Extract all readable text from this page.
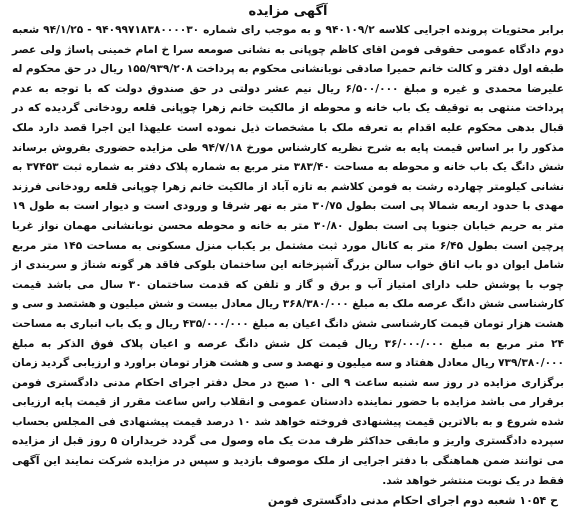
آگهی مزایده

برابر محتویات پرونده اجرایی کلاسه ۹۴۰۱۰۹/۲ و به موجب رای شماره ۹۴۰۹۹۷۱۸۳۸۰۰۰۰۳۰ - ۹۴/۱/۲۵ شعبه دوم دادگاه عمومی حقوقی فومن اقای کاظم چوپانی به نشانی صومعه سرا خ امام خمینی پاساژ ولی عصر طبقه اول دفتر و کالت خانم حمیرا صادقی نوبانشانی محکوم به پرداخت ۱۵۵/۹۳۹/۲۰۸ ریال در حق محکوم له علیرضا محمدی و غیره و مبلغ ۶/۵۰۰/۰۰۰ ریال نیم عشر دولتی در حق صندوق دولت که با توجه به عدم پرداخت منتهی به توقیف یک باب خانه و محوطه از مالکیت خانم زهرا چوپانی قلعه رودخانی گردیده که در قبال بدهی محکوم علیه اقدام به تعرفه ملک با مشخصات ذیل نموده است علیهذا این اجرا قصد دارد ملک مذکور را بر اساس قیمت پایه به شرح نظریه کارشناس مورخ ۹۴/۷/۱۸ طی مزایده حضوری بفروش برساند شش دانگ یک باب خانه و محوطه به مساحت ۳۸۳/۴۰ متر مربع به شماره پلاک دفتر به شماره ثبت ۳۷۴۵۳ به نشانی کیلومتر چهارده رشت به فومن کلاشم به تازه آباد از مالکیت خانم زهرا چوپانی قلعه رودخانی فرزند مهدی با حدود اربعه شمالا پی است بطول ۳۰/۷۵ متر به نهر شرقا و ورودی است و دیوار است به طول ۱۹ متر به حریم خیابان جنوبا پی است بطول ۳۰/۸۰ متر به خانه و محوطه محسن نوبانشانی مهمان نواز غربا پرچین است بطول ۶/۴۵ متر به کانال مورد ثبت مشتمل بر یکباب منزل مسکونی به مساحت ۱۴۵ متر مربع شامل ایوان دو باب اتاق خواب سالن بزرگ آشپزخانه این ساختمان بلوکی فاقد هر گونه شناژ و سربندی از چوب با پوشش حلب دارای امتیاز آب و برق و گاز و تلفن که قدمت ساختمان ۳۰ سال می باشد قیمت کارشناسی شش دانگ عرصه ملک به مبلغ ۳۶۸/۳۸۰/۰۰۰ ریال معادل بیست و شش میلیون و هشتصد و سی و هشت هزار تومان قیمت کارشناسی شش دانگ اعیان به مبلغ ۴۳۵/۰۰۰/۰۰۰ ریال و یک باب انباری به مساحت ۲۴ متر مربع به مبلغ ۳۶/۰۰۰/۰۰۰ ریال قیمت کل شش دانگ عرصه و اعیان پلاک فوق الذکر به مبلغ ۷۳۹/۳۸۰/۰۰۰ ریال معادل هفتاد و سه میلیون و نهصد و سی و هشت هزار تومان براورد و ارزیابی گردید زمان برگزاری مزایده در روز سه شنبه ساعت ۹ الی ۱۰ صبح در محل دفتر اجرای احکام مدنی دادگستری فومن برقرار می باشد مزایده با حضور نماینده دادستان عمومی و انقلاب راس ساعت مقرر از قیمت پایه ارزیابی شده شروع و به بالاترین قیمت پیشنهادی فروخته خواهد شد ۱۰ درصد قیمت پیشنهادی فی المجلس بحساب سپرده دادگستری واریز و مابقی حداکثر ظرف مدت یک ماه وصول می گردد خریداران ۵ روز قبل از مزایده می توانند ضمن هماهنگی با دفتر اجرایی از ملک موصوف بازدید و سپس در مزایده شرکت نمایند این آگهی فقط در یک نوبت منتشر خواهد شد.

ح ۱۰۵۴ شعبه دوم اجرای احکام مدنی دادگستری فومن
